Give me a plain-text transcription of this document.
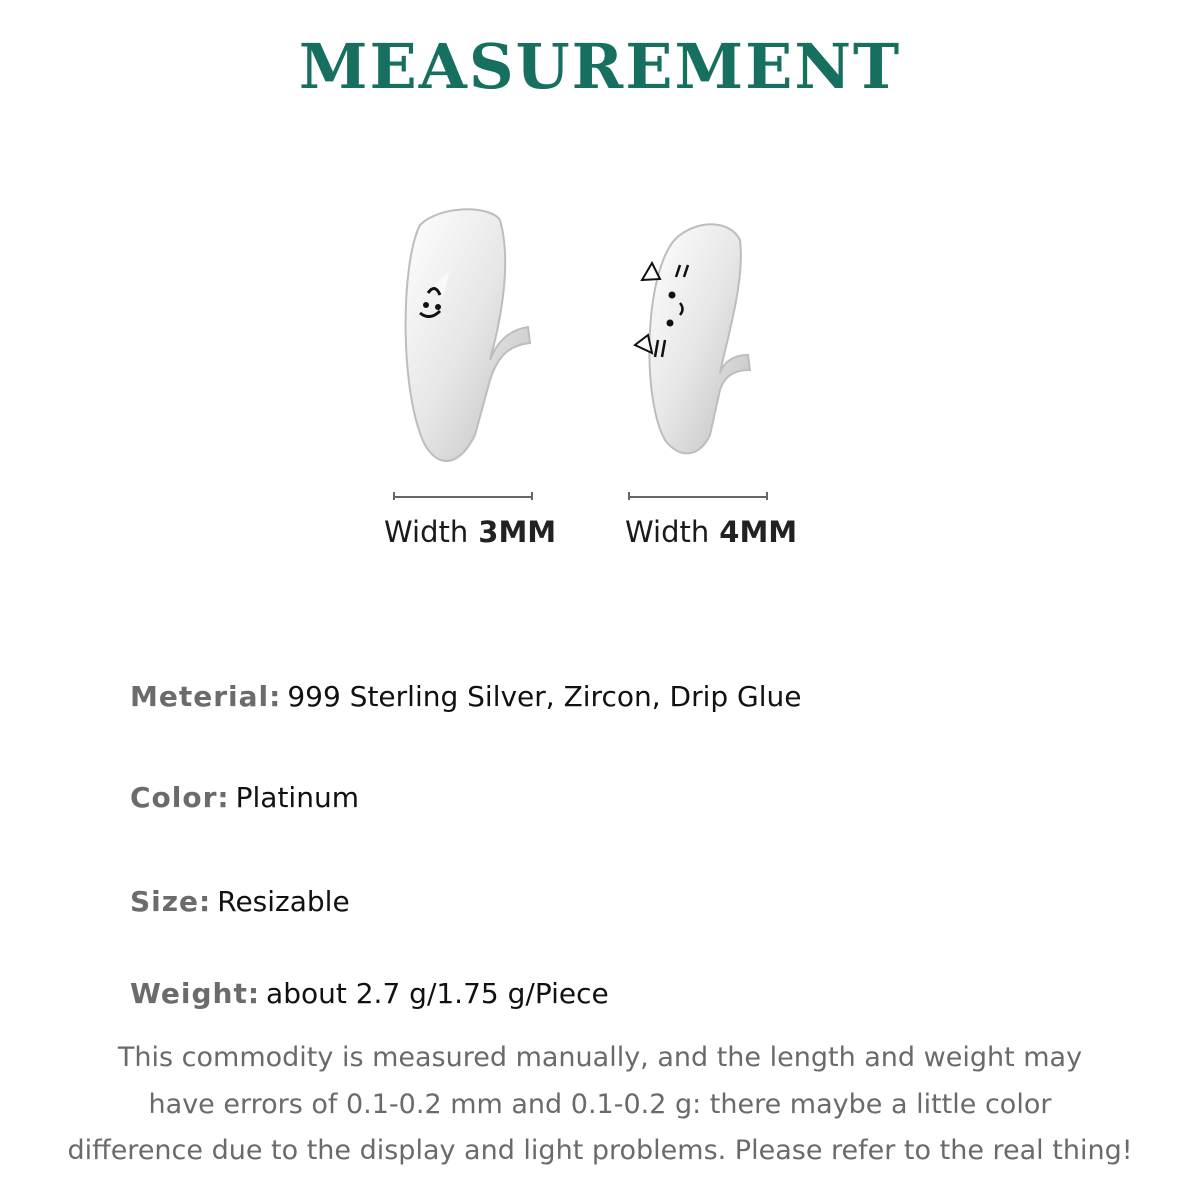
MEASUREMENT
Width 3MM Width 4MM
Meterial: 999 Sterling Silver, Zircon, Drip Glue
Color: Platinum
Size: Resizable
Weight: about 2.7 g/1.75 g/Piece
This commodity is measured manually, and the length and weight may
have errors of 0.1-0.2 mm and 0.1-0.2 g: there maybe a little color
difference due to the display and light problems. Please refer to the real thing!
